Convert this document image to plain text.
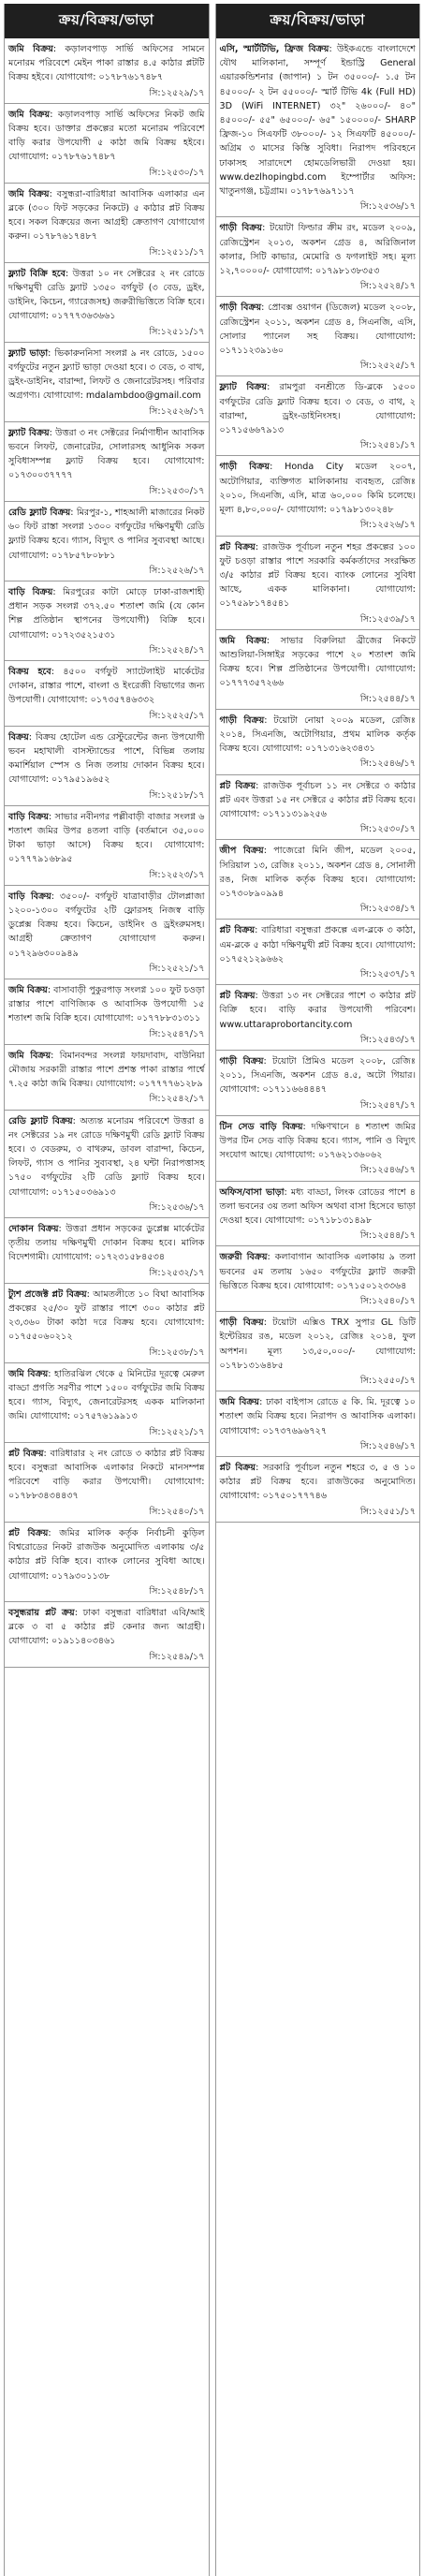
ক্রয়/বিক্রয়/ভাড়া
জমি বিক্রয়: কড়ালবপাড় সার্ভি অফিসের সামনে মনোরম পরিবেশে মেইন পাকা রাস্তার ৪.৫ কাঠার প্লটটি বিক্রয় হইবে। যোগাযোগ: ০১৭৮৭৬১৭৪৮৭
সি:১২৫২৯/১৭
জমি বিক্রয়: কড়ালবপাড় সার্ভি অফিসের নিকট জমি বিক্রয় হবে। ডাক্তার প্রকল্পের মতো মনোরম পরিবেশে বাড়ি করার উপযোগী ৫ কাঠা জমি বিক্রয় হইবে। যোগাযোগ: ০১৭৮৭৬১৭৪৮৭
সি:১২৫৩০/১৭
জমি বিক্রয়: বসুন্ধরা-বারিধারা আবাসিক এলাকার এন ব্লকে (৩০০ ফিট সড়কের নিকটে) ৫ কাঠার প্লট বিক্রয় হবে। সকল বিক্রয়ের জন্য আগ্রহী ক্রেতাগণ যোগাযোগ করুন। ০১৭৮৭৬১৭৪৮৭
সি:১২৫১১/১৭
ফ্ল্যাট বিক্রি হবে: উত্তরা ১০ নং সেক্টরের ২ নং রোডে দক্ষিণমুখী রেডি ফ্ল্যাট ১৩৫০ বর্গফুট (৩ বেড, ড্রইং, ডাইনিং, কিচেন, গ্যারেজসহ) জরুরীভিত্তিতে বিক্রি হবে। যোগাযোগ: ০১৭৭৭৩৬৩৬৬১
সি:১২৫১১/১৭
ফ্ল্যাট ভাড়া: ভিকারুননিসা সংলগ্ন ৯ নং রোডে, ১৫০০ বর্গফুটের নতুন ফ্ল্যাট ভাড়া দেওয়া হবে। ৩ বেড, ৩ বাথ, ড্রইং-ডাইনিং, বারান্দা, লিফট ও জেনারেটরসহ। পরিবার অগ্রগণ্য। যোগাযোগ: mdalambdoo@gmail.com
সি:১২৫২৬/১৭
ফ্ল্যাট বিক্রয়: উত্তরা ৩ নং সেক্টরের নির্মাণাধীন আবাসিক ভবনে লিফট, জেনারেটর, সোলারসহ আধুনিক সকল সুবিধাসম্পন্ন ফ্ল্যাট বিক্রয় হবে। যোগাযোগ: ০১৭৩০০৩৭৭৭৭
সি:১২৫৩০/১৭
রেডি ফ্ল্যাট বিক্রয়: মিরপুর-১, শাহআলী মাজারের নিকট ৬০ ফিট রাস্তা সংলগ্ন ১৩০০ বর্গফুটের দক্ষিণমুখী রেডি ফ্ল্যাট বিক্রয় হবে। গ্যাস, বিদ্যুৎ ও পানির সুব্যবস্থা আছে। যোগাযোগ: ০১৭৮৫৭৮০৮৮১
সি:১২৫২৬/১৭
বাড়ি বিক্রয়: মিরপুরের কাটা মোড়ে ঢাকা-রাজশাহী প্রধান সড়ক সংলগ্ন ৩৭২.৫০ শতাংশ জমি (যে কোন শিল্প প্রতিষ্ঠান স্থাপনের উপযোগী) বিক্রি হবে। যোগাযোগ: ০১৭২৩৫২১৫৩১
সি:১২৫২৪/১৭
বিক্রয় হবে: ৪৫০০ বর্গফুট স্যাটেলাইট মার্কেটের দোকান, রাস্তার পাশে, বাংলা ও ইংরেজী বিভাগের জন্য উপযোগী। যোগাযোগ: ০১৭৩৫৭৪৬৩৩২
সি:১২৫২৫/১৭
বিক্রয়: বিক্রয় হোটেল এন্ড রেস্টুরেন্টের জন্য উপযোগী ভবন মহাখালী বাসস্ট্যান্ডের পাশে, বিভিন্ন তলায় কমার্শিয়াল স্পেস ও নিজ তলায় দোকান বিক্রয় হবে। যোগাযোগ: ০১৭৯৫১৯৬৫২
সি:১২৫১৮/১৭
বাড়ি বিক্রয়: সাভার নবীনগর পল্লীবাড়ী বাজার সংলগ্ন ৬ শতাংশ জমির উপর ৪তলা বাড়ি (বর্তমানে ৩৫,০০০ টাকা ভাড়া আসে) বিক্রয় হবে। যোগাযোগ: ০১৭৭৭৯১৬৮৯৫
সি:১২৫২৩/১৭
বাড়ি বিক্রয়: ৩৫০০/- বর্গফুট যাত্রাবাড়ীর টোলপ্লাজা ১২০০-১৩০০ বর্গফুটের ২টি ফ্লোরসহ নিজস্ব বাড়ি ডুপ্লেক্স বিক্রয় হবে। কিচেন, ডাইনিং ও ড্রইংরুমসহ। আগ্রহী ক্রেতাগণ যোগাযোগ করুন। ০১৭২৯৬৩০০৯৪৯
সি:১২৫২১/১৭
জমি বিক্রয়: বাসাবাড়ী পুকুরপাড় সংলগ্ন ১০০ ফুট চওড়া রাস্তার পাশে বাণিজ্যিক ও আবাসিক উপযোগী ১৫ শতাংশ জমি বিক্রি হবে। যোগাযোগ: ০১৭৭৮৮৩১৩১১
সি:১২৫৪৭/১৭
জমি বিক্রয়: বিমানবন্দর সংলগ্ন ফায়দাবাদ, বাউনিয়া মৌজায় সরকারী রাস্তার পাশে প্রশস্ত পাকা রাস্তার পার্শ্বে ৭.২৫ কাঠা জমি বিক্রয়। যোগাযোগ: ০১৭৭৭৭৬১২৮৯
সি:১২৫৪২/১৭
রেডি ফ্ল্যাট বিক্রয়: অত্যন্ত মনোরম পরিবেশে উত্তরা ৪ নং সেক্টরের ১৯ নং রোডে দক্ষিণমুখী রেডি ফ্ল্যাট বিক্রয় হবে। ৩ বেডরুম, ৩ বাথরুম, ডাবল বারান্দা, কিচেন, লিফট, গ্যাস ও পানির সুব্যবস্থা, ২৪ ঘন্টা নিরাপত্তাসহ ১৭৫০ বর্গফুটের ২টি রেডি ফ্ল্যাট বিক্রয় হবে। যোগাযোগ: ০১৭১৫০৩৬৯১৩
সি:১২৫৩৬/১৭
দোকান বিক্রয়: উত্তরা প্রধান সড়কের ডুপ্লেক্স মার্কেটের তৃতীয় তলায় দক্ষিণমুখী দোকান বিক্রয় হবে। মালিক বিদেশগামী। যোগাযোগ: ০১৭২৩১৫৮৪৫৩৪
সি:১২৫৩২/১৭
ট্যুশ প্রজেক্ট প্লট বিক্রয়: আমতলীতে ১০ বিঘা আবাসিক প্রকল্পের ২৫/৩০ ফুট রাস্তার পাশে ৩০০ কাঠার প্লট ২৩,৩৬০ টাকা কাঠা দরে বিক্রয় হবে। যোগাযোগ: ০১৭৫৫০৬০২১২
সি:১২৫৩৮/১৭
জমি বিক্রয়: হাতিরঝিল থেকে ৫ মিনিটের দূরত্বে মেরুল বাড্ডা প্রগতি সরণীর পাশে ১৫০০ বর্গফুটের জমি বিক্রয় হবে। গ্যাস, বিদ্যুৎ, জেনারেটরসহ একক মালিকানা জমি। যোগাযোগ: ০১৭৫৭৬১৯৯১৩
সি:১২৫২১/১৭
প্লট বিক্রয়: বারিধারার ২ নং রোডে ৩ কাঠার প্লট বিক্রয় হবে। বসুন্ধরা আবাসিক এলাকার নিকটে মানসম্পন্ন পরিবেশে বাড়ি করার উপযোগী। যোগাযোগ: ০১৭৮৮৩৪৩৪৪৩৭
সি:১২৫৪০/১৭
প্লট বিক্রয়: জমির মালিক কর্তৃক নির্বাচনী কুড়িল বিশ্বরোডের নিকট রাজউক অনুমোদিত এলাকায় ৩/৫ কাঠার প্লট বিক্রি হবে। ব্যাংক লোনের সুবিধা আছে। যোগাযোগ: ০১৭৯৩০১১৩৮
সি:১২৫৪৮/১৭
বসুন্ধরায় প্লট ক্রয়: ঢাকা বসুন্ধরা বারিধারা এবি/আই ব্লকে ৩ বা ৫ কাঠার প্লট কেনার জন্য আগ্রহী। যোগাযোগ: ০১৯১১৪০৩৪৬১
সি:১২৫৪৯/১৭
ক্রয়/বিক্রয়/ভাড়া
এসি, স্মার্টটিভি, ফ্রিজ বিক্রয়: উইকএন্ডে বাংলাদেশে যৌথ মালিকানা, সম্পূর্ণ ইন্ডাস্ট্রি General এয়ারকন্ডিশনার (জাপান) ১ টন ৩৫০০০/- ১.৫ টন ৪৫০০০/- ২ টন ৫৫০০০/- স্মার্ট টিভি 4k (Full HD) 3D (WiFi INTERNET) ৩২" ২৬০০০/- ৪০" ৪৫০০০/- ৫৫" ৬৫০০০/- ৬৫" ১৫০০০০/- SHARP ফ্রিজ-১০ সিএফটি ৩৮০০০/- ১২ সিএফটি ৪৫০০০/- অগ্রিম ৩ মাসের কিস্তি সুবিধা। নিরাপদ পরিবহনে ঢাকাসহ সারাদেশে হোমডেলিভারী দেওয়া হয়। www.dezlhopingbd.com ইম্পোর্টার অফিস: খাতুনগঞ্জ, চট্টগ্রাম। ০১৭৮৭৬৯৭১১৭
সি:১২৫৩৬/১৭
গাড়ী বিক্রয়: টয়োটা ফিল্ডার ক্রীম রং, মডেল ২০০৯, রেজিস্ট্রেশন ২০১৩, অকশন গ্রেড ৪, অরিজিনাল কালার, সিটি কাভার, মেমোরি ও ফগলাইট সহ। মূল্য ১২,৭০০০০/- যোগাযোগ: ০১৭৯৮১৩৮৩৫৩
সি:১২৫২৪/১৭
গাড়ী বিক্রয়: প্রোবক্স ওয়াগন (ডিজেল) মডেল ২০০৮, রেজিস্ট্রেশন ২০১১, অকশন গ্রেড ৪, সিএনজি, এসি, সোলার প্যানেল সহ বিক্রয়। যোগাযোগ: ০১৭১১২৩৯১৬০
সি:১২৫২৫/১৭
ফ্ল্যাট বিক্রয়: রামপুরা বনশ্রীতে ডি-ব্লকে ১৫০০ বর্গফুটের রেডি ফ্ল্যাট বিক্রয় হবে। ৩ বেড, ৩ বাথ, ২ বারান্দা, ড্রইং-ডাইনিংসহ। যোগাযোগ: ০১৭১৫৬৬৭৯১৩
সি:১২৫৪১/১৭
গাড়ী বিক্রয়: Honda City মডেল ২০০৭, অটোগিয়ার, ব্যক্তিগত মালিকানায় ব্যবহৃত, রেজিঃ ২০১০, সিএনজি, এসি, মাত্র ৬০,০০০ কিমি চলেছে। মূল্য ৪,৮০,০০০/- যোগাযোগ: ০১৭৯৮১৩০২৪৮
সি:১২৫২৬/১৭
প্লট বিক্রয়: রাজউক পূর্বাচল নতুন শহর প্রকল্পের ১০০ ফুট চওড়া রাস্তার পাশে সরকারি কর্মকর্তাদের সংরক্ষিত ৩/৫ কাঠার প্লট বিক্রয় হবে। ব্যাংক লোনের সুবিধা আছে, একক মালিকানা। যোগাযোগ: ০১৭৫৯৮১৭৪৫৪১
সি:১২৫৩৯/১৭
জমি বিক্রয়: সাভার বিরুলিয়া ব্রীজের নিকটে আশুলিয়া-সিঙ্গাইর সড়কের পাশে ২০ শতাংশ জমি বিক্রয় হবে। শিল্প প্রতিষ্ঠানের উপযোগী। যোগাযোগ: ০১৭৭৭৩৫৭২৬৬
সি:১২৫৪৪/১৭
গাড়ী বিক্রয়: টয়োটা নোয়া ২০০৯ মডেল, রেজিঃ ২০১৪, সিএনজি, অটোগিয়ার, প্রথম মালিক কর্তৃক বিক্রয় হবে। যোগাযোগ: ০১৭১৩১৬২৩৪৩১
সি:১২৫৪৬/১৭
প্লট বিক্রয়: রাজউক পূর্বাচল ১১ নং সেক্টরে ৩ কাঠার প্লট এবং উত্তরা ১৫ নং সেক্টরে ৫ কাঠার প্লট বিক্রয় হবে। যোগাযোগ: ০১৭১১৩১৯২৫৬
সি:১২৫৩০/১৭
জীপ বিক্রয়: পাজেরো মিনি জীপ, মডেল ২০০৫, সিরিয়াল ১৩, রেজিঃ ২০১১, অকশন গ্রেড ৪, সোনালী রঙ, নিজ মালিক কর্তৃক বিক্রয় হবে। যোগাযোগ: ০১৭৩০৮৯০৯৯৪
সি:১২৫৩৪/১৭
প্লট বিক্রয়: বারিধারা বসুন্ধরা প্রকল্পে এল-ব্লকে ৩ কাঠা, এম-ব্লকে ৫ কাঠা দক্ষিণমুখী প্লট বিক্রয় হবে। যোগাযোগ: ০১৭৫২১২৯৬৬২
সি:১২৫৩৭/১৭
প্লট বিক্রয়: উত্তরা ১৩ নং সেক্টরের পাশে ৩ কাঠার প্লট বিক্রি হবে। বাড়ি করার উপযোগী পরিবেশ। www.uttaraprobortancity.com
সি:১২৫৪৩/১৭
গাড়ী বিক্রয়: টয়োটা প্রিমিও মডেল ২০০৮, রেজিঃ ২০১১, সিএনজি, অকশন গ্রেড ৪.৫, অটো গিয়ার। যোগাযোগ: ০১৭১১৬৬৪৪৪৭
সি:১২৫৪৭/১৭
টিন সেড বাড়ি বিক্রয়: দক্ষিণখানে ৪ শতাংশ জমির উপর টিন সেড বাড়ি বিক্রয় হবে। গ্যাস, পানি ও বিদ্যুৎ সংযোগ আছে। যোগাযোগ: ০১৭৬২১৩৬০৬২
সি:১২৫৪৬/১৭
অফিস/বাসা ভাড়া: মধ্য বাড্ডা, লিংক রোডের পাশে ৪ তলা ভবনের ৩য় তলা অফিস অথবা বাসা হিসেবে ভাড়া দেওয়া হবে। যোগাযোগ: ০১৭১৮১৩১৪৯৮
সি:১২৫৪৪/১৭
জরুরী বিক্রয়: কলাবাগান আবাসিক এলাকায় ৯ তলা ভবনের ৫ম তলায় ১৬৫০ বর্গফুটের ফ্ল্যাট জরুরী ভিত্তিতে বিক্রয় হবে। যোগাযোগ: ০১৭১৫০১২৩৩৬৪
সি:১২৫৪০/১৭
গাড়ী বিক্রয়: টয়োটা এক্সিও TRX সুপার GL ডিটি ইন্টেরিয়র রঙ, মডেল ২০১২, রেজিঃ ২০১৪, ফুল অপশন। মূল্য ১৩,৫০,০০০/- যোগাযোগ: ০১৭৮১৩১৬৪৮৫
সি:১২৫৫০/১৭
জমি বিক্রয়: ঢাকা বাইপাস রোডে ৫ কি. মি. দূরত্বে ১০ শতাংশ জমি বিক্রয় হবে। নিরাপদ ও আবাসিক এলাকা। যোগাযোগ: ০১৭৩৭৬৯৬৭২৭
সি:১২৫৪৬/১৭
প্লট বিক্রয়: সরকারি পূর্বাচল নতুন শহরে ৩, ৫ ও ১০ কাঠার প্লট বিক্রয় হবে। রাজউকের অনুমোদিত। যোগাযোগ: ০১৭৫০১৭৭৭৪৬
সি:১২৫৫১/১৭
